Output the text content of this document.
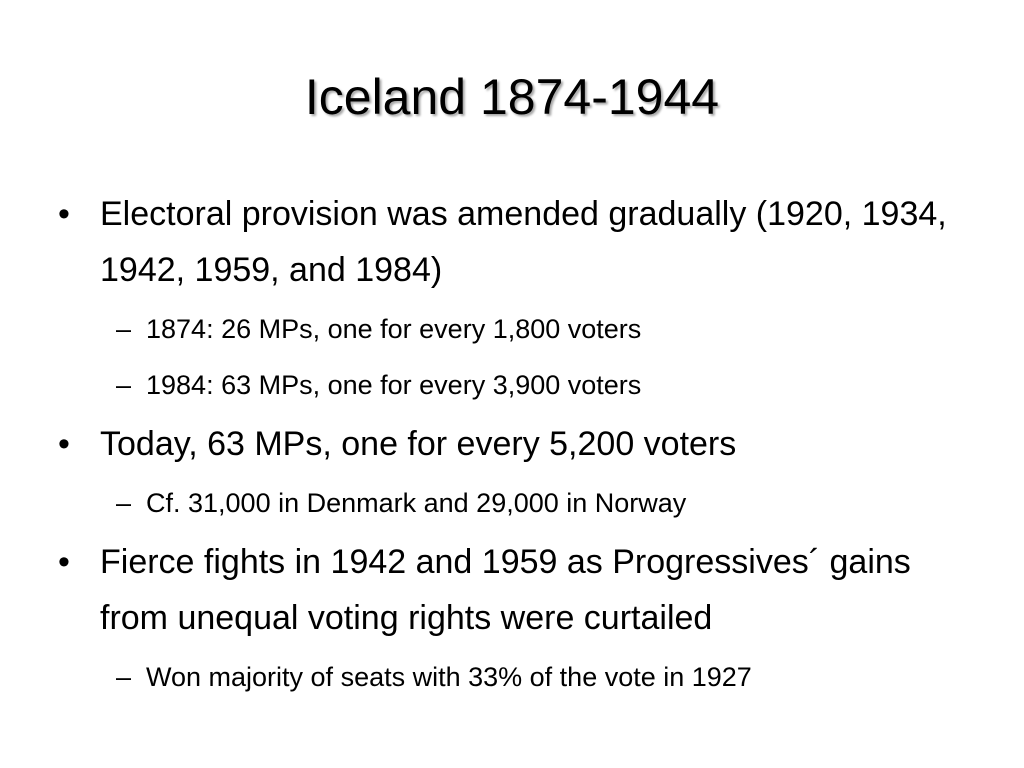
Iceland 1874-1944
• Electoral provision was amended gradually (1920, 1934, 1942, 1959, and 1984)
– 1874: 26 MPs, one for every 1,800 voters
– 1984: 63 MPs, one for every 3,900 voters
• Today, 63 MPs, one for every 5,200 voters
– Cf. 31,000 in Denmark and 29,000 in Norway
• Fierce fights in 1942 and 1959 as Progressives´ gains from unequal voting rights were curtailed
– Won majority of seats with 33% of the vote in 1927
